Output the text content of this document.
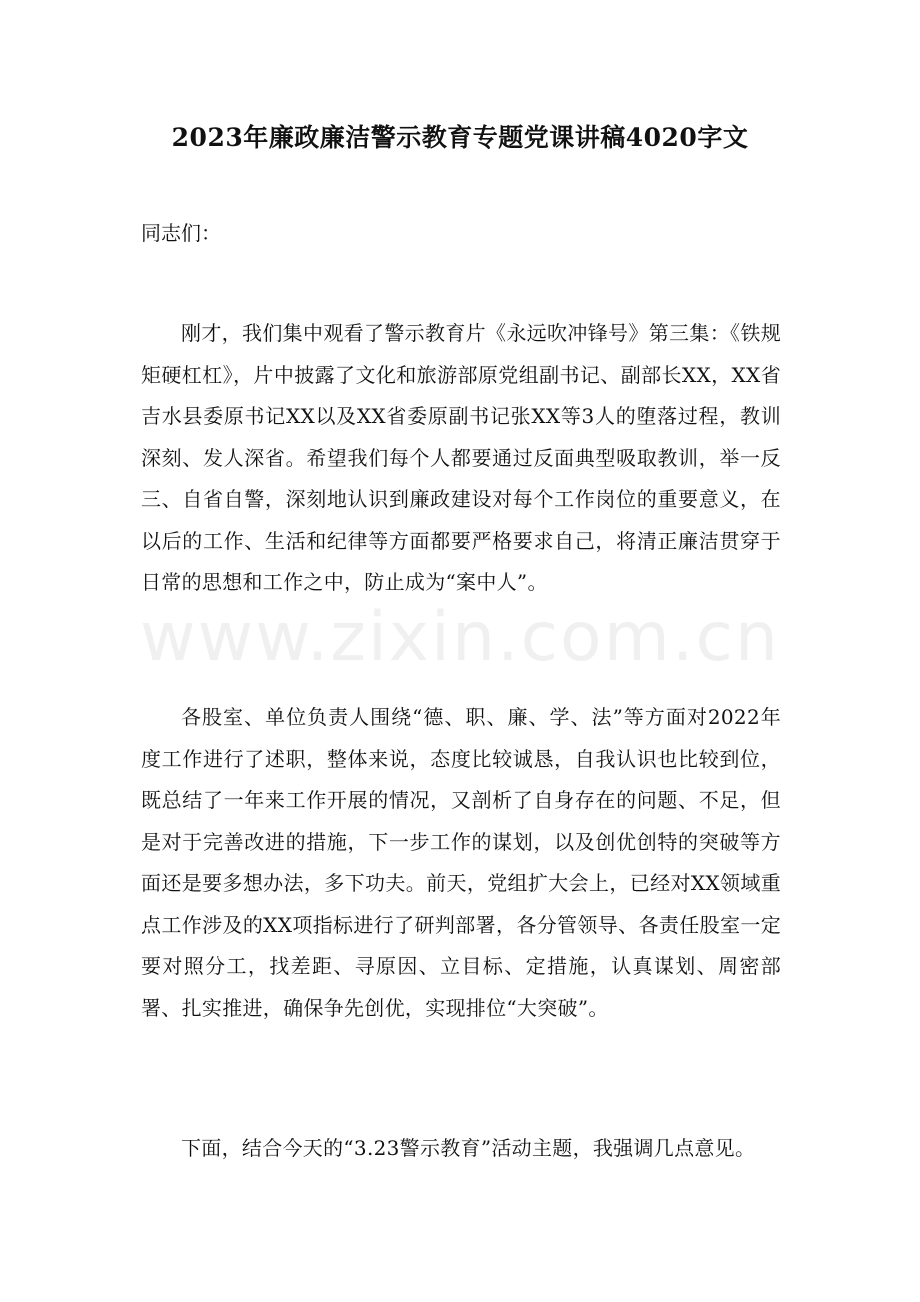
2023年廉政廉洁警示教育专题党课讲稿4020字文

同志们：

刚才，我们集中观看了警示教育片《永远吹冲锋号》第三集：《铁规矩硬杠杠》，片中披露了文化和旅游部原党组副书记、副部长XX，XX省吉水县委原书记XX以及XX省委原副书记张XX等3人的堕落过程，教训深刻、发人深省。希望我们每个人都要通过反面典型吸取教训，举一反三、自省自警，深刻地认识到廉政建设对每个工作岗位的重要意义，在以后的工作、生活和纪律等方面都要严格要求自己，将清正廉洁贯穿于日常的思想和工作之中，防止成为“案中人”。

各股室、单位负责人围绕“德、职、廉、学、法”等方面对2022年度工作进行了述职，整体来说，态度比较诚恳，自我认识也比较到位，既总结了一年来工作开展的情况，又剖析了自身存在的问题、不足，但是对于完善改进的措施，下一步工作的谋划，以及创优创特的突破等方面还是要多想办法，多下功夫。前天，党组扩大会上，已经对XX领域重点工作涉及的XX项指标进行了研判部署，各分管领导、各责任股室一定要对照分工，找差距、寻原因、立目标、定措施，认真谋划、周密部署、扎实推进，确保争先创优，实现排位“大突破”。

下面，结合今天的“3.23警示教育”活动主题，我强调几点意见。

www.zixin.com.cn
